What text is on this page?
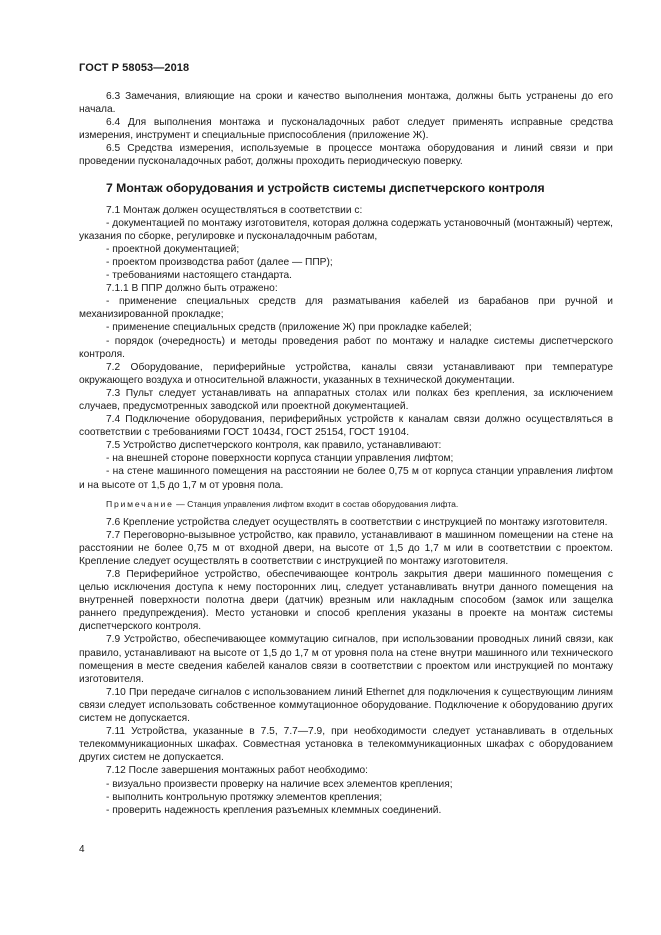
ГОСТ Р 58053—2018

6.3 Замечания, влияющие на сроки и качество выполнения монтажа, должны быть устранены до его начала.

6.4 Для выполнения монтажа и пусконаладочных работ следует применять исправные средства измерения, инструмент и специальные приспособления (приложение Ж).

6.5 Средства измерения, используемые в процессе монтажа оборудования и линий связи и при проведении пусконаладочных работ, должны проходить периодическую поверку.

7 Монтаж оборудования и устройств системы диспетчерского контроля

7.1 Монтаж должен осуществляться в соответствии с:

- документацией по монтажу изготовителя, которая должна содержать установочный (монтажный) чертеж, указания по сборке, регулировке и пусконаладочным работам,

- проектной документацией;

- проектом производства работ (далее — ППР);

- требованиями настоящего стандарта.

7.1.1 В ППР должно быть отражено:

- применение специальных средств для разматывания кабелей из барабанов при ручной и механизированной прокладке;

- применение специальных средств (приложение Ж) при прокладке кабелей;

- порядок (очередность) и методы проведения работ по монтажу и наладке системы диспетчерского контроля.

7.2 Оборудование, периферийные устройства, каналы связи устанавливают при температуре окружающего воздуха и относительной влажности, указанных в технической документации.

7.3 Пульт следует устанавливать на аппаратных столах или полках без крепления, за исключением случаев, предусмотренных заводской или проектной документацией.

7.4 Подключение оборудования, периферийных устройств к каналам связи должно осуществляться в соответствии с требованиями ГОСТ 10434, ГОСТ 25154, ГОСТ 19104.

7.5 Устройство диспетчерского контроля, как правило, устанавливают:

- на внешней стороне поверхности корпуса станции управления лифтом;

- на стене машинного помещения на расстоянии не более 0,75 м от корпуса станции управления лифтом и на высоте от 1,5 до 1,7 м от уровня пола.

Примечание — Станция управления лифтом входит в состав оборудования лифта.

7.6 Крепление устройства следует осуществлять в соответствии с инструкцией по монтажу изготовителя.

7.7 Переговорно-вызывное устройство, как правило, устанавливают в машинном помещении на стене на расстоянии не более 0,75 м от входной двери, на высоте от 1,5 до 1,7 м или в соответствии с проектом. Крепление следует осуществлять в соответствии с инструкцией по монтажу изготовителя.

7.8 Периферийное устройство, обеспечивающее контроль закрытия двери машинного помещения с целью исключения доступа к нему посторонних лиц, следует устанавливать внутри данного помещения на внутренней поверхности полотна двери (датчик) врезным или накладным способом (замок или защелка раннего предупреждения). Место установки и способ крепления указаны в проекте на монтаж системы диспетчерского контроля.

7.9 Устройство, обеспечивающее коммутацию сигналов, при использовании проводных линий связи, как правило, устанавливают на высоте от 1,5 до 1,7 м от уровня пола на стене внутри машинного или технического помещения в месте сведения кабелей каналов связи в соответствии с проектом или инструкцией по монтажу изготовителя.

7.10 При передаче сигналов с использованием линий Ethernet для подключения к существующим линиям связи следует использовать собственное коммутационное оборудование. Подключение к оборудованию других систем не допускается.

7.11 Устройства, указанные в 7.5, 7.7—7.9, при необходимости следует устанавливать в отдельных телекоммуникационных шкафах. Совместная установка в телекоммуникационных шкафах с оборудованием других систем не допускается.

7.12 После завершения монтажных работ необходимо:

- визуально произвести проверку на наличие всех элементов крепления;

- выполнить контрольную протяжку элементов крепления;

- проверить надежность крепления разъемных клеммных соединений.

4
